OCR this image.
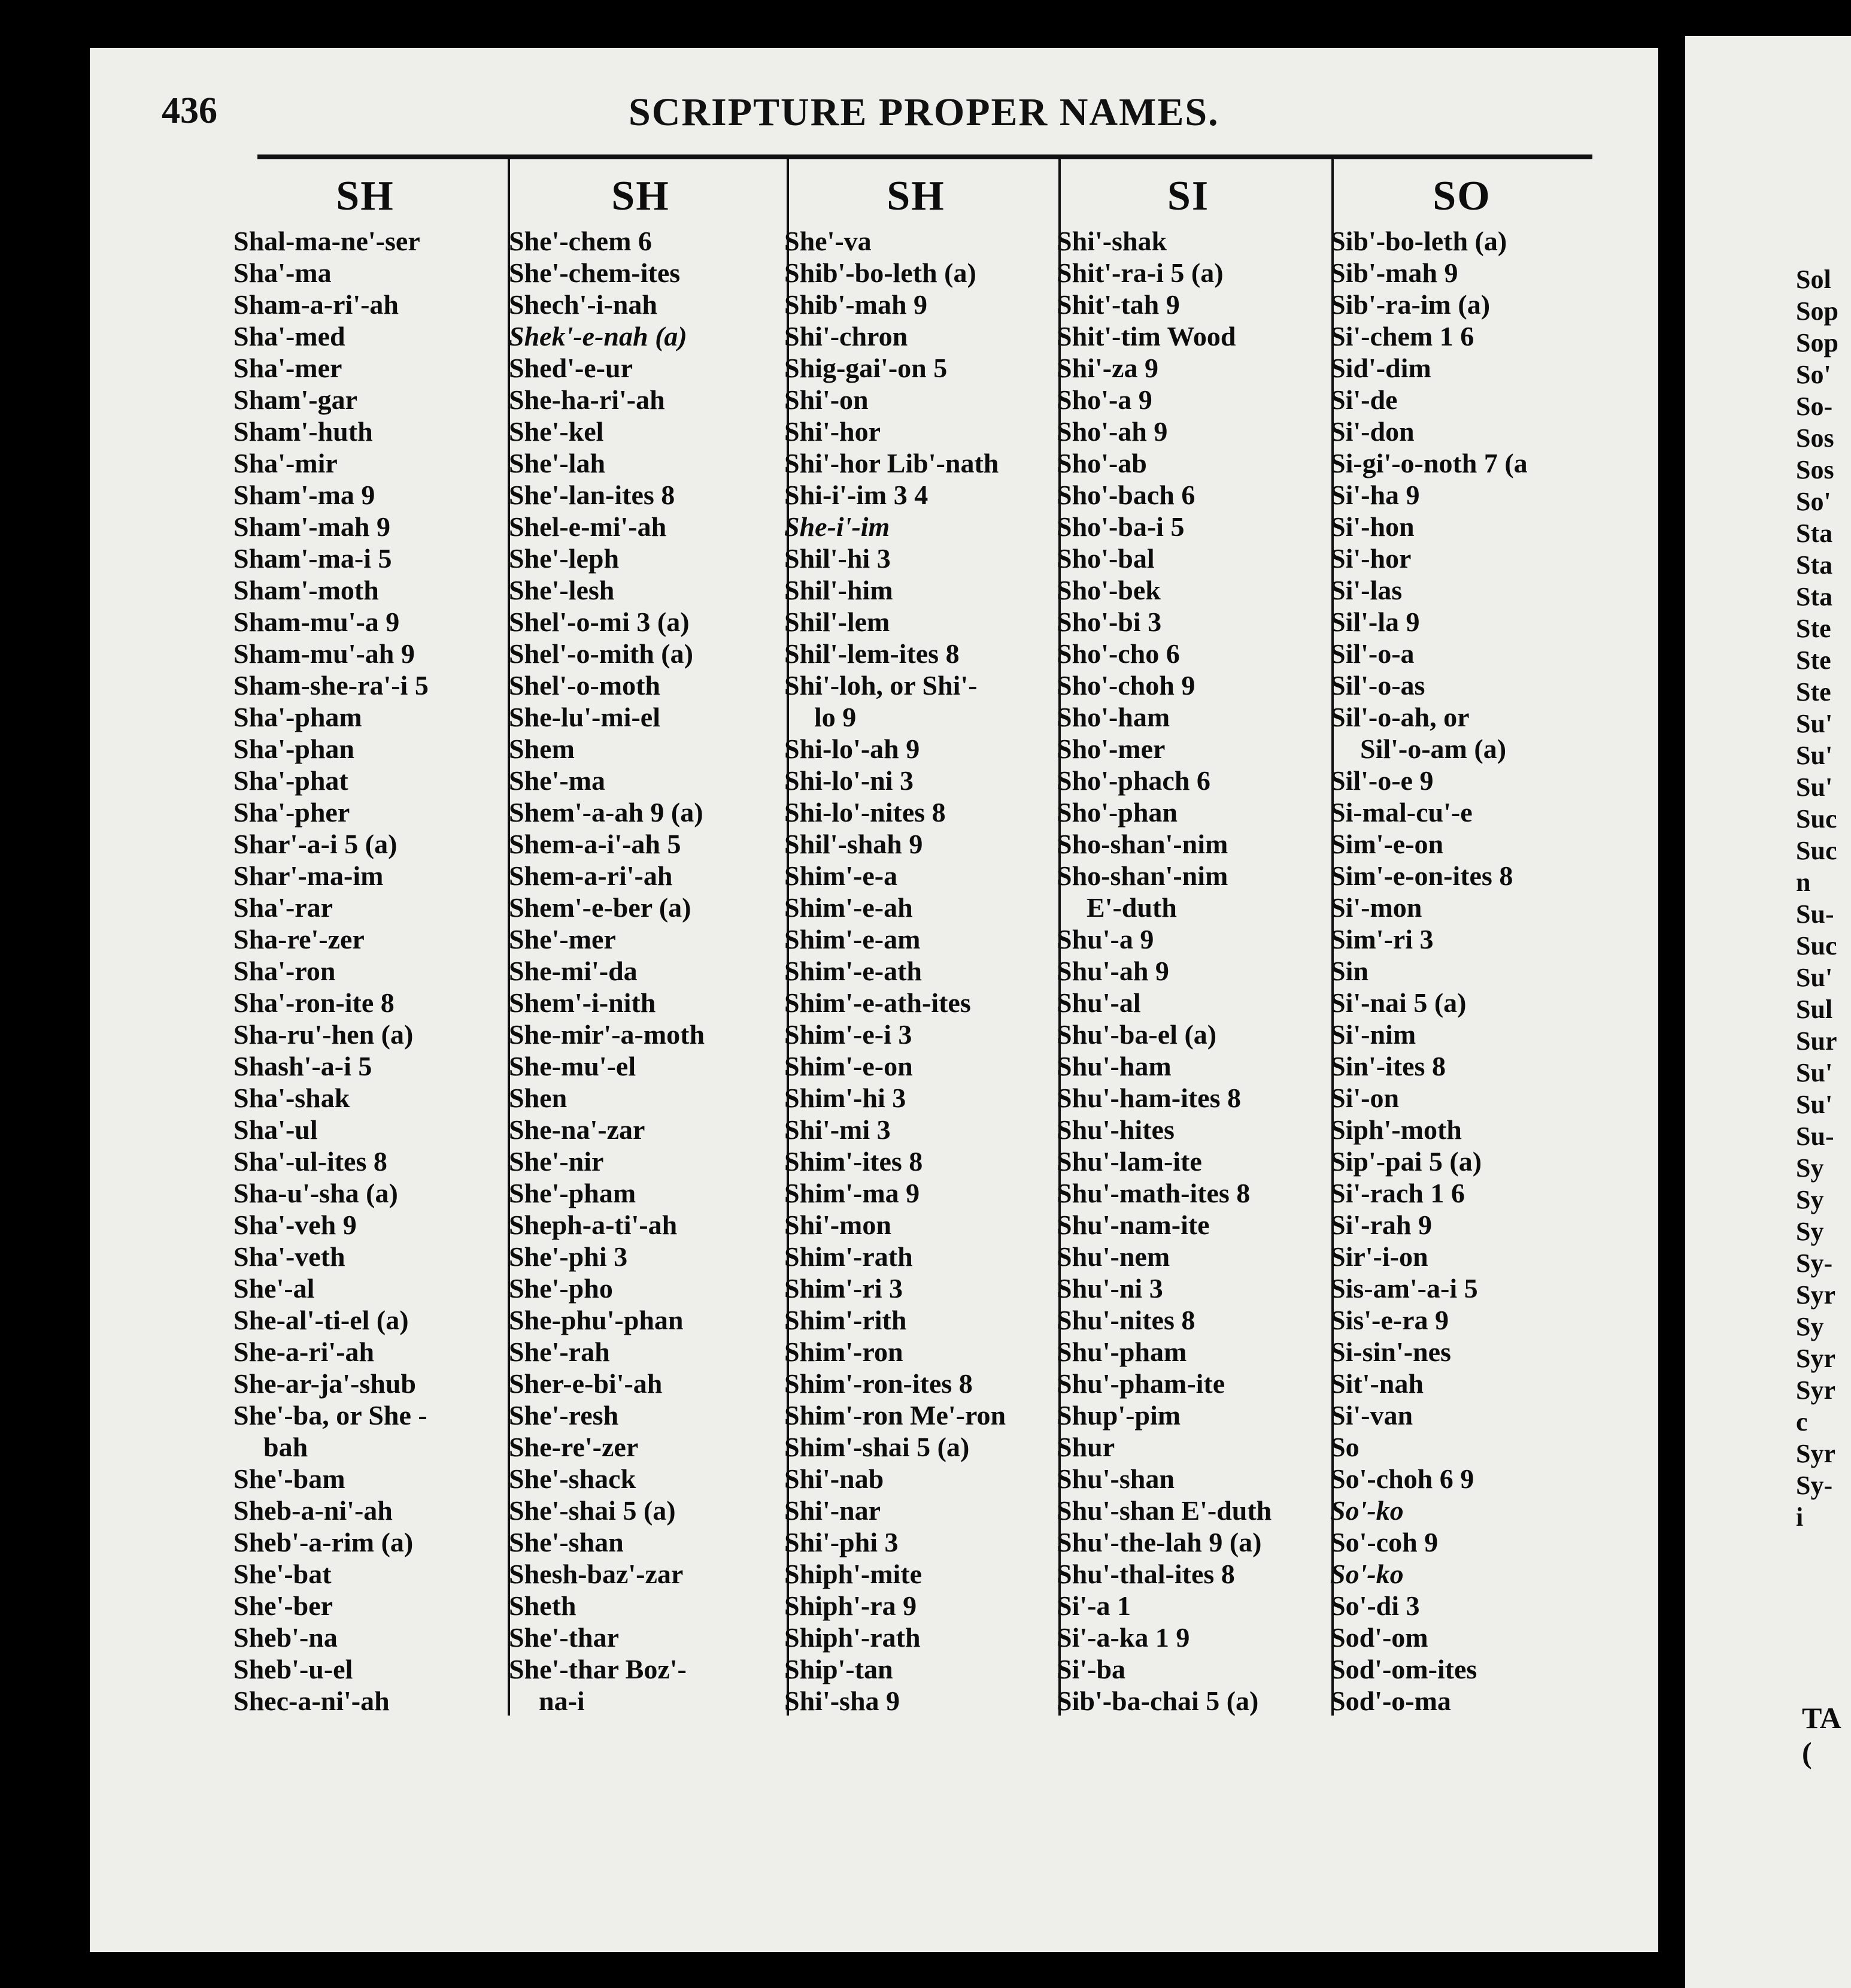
436	SCRIPTURE PROPER NAMES.
SH
Shal-ma-ne'-ser
Sha'-ma
Sham-a-ri'-ah
Sha'-med
Sha'-mer
Sham'-gar
Sham'-huth
Sha'-mir
Sham'-ma 9
Sham'-mah 9
Sham'-ma-i 5
Sham'-moth
Sham-mu'-a 9
Sham-mu'-ah 9
Sham-she-ra'-i 5
Sha'-pham
Sha'-phan
Sha'-phat
Sha'-pher
Shar'-a-i 5 (a)
Shar'-ma-im
Sha'-rar
Sha-re'-zer
Sha'-ron
Sha'-ron-ite 8
Sha-ru'-hen (a)
Shash'-a-i 5
Sha'-shak
Sha'-ul
Sha'-ul-ites 8
Sha-u'-sha (a)
Sha'-veh 9
Sha'-veth
She'-al
She-al'-ti-el (a)
She-a-ri'-ah
She-ar-ja'-shub
She'-ba, or She -
bah
She'-bam
Sheb-a-ni'-ah
Sheb'-a-rim (a)
She'-bat
She'-ber
Sheb'-na
Sheb'-u-el
Shec-a-ni'-ah
SH
She'-chem 6
She'-chem-ites
Shech'-i-nah
Shek'-e-nah (a)
Shed'-e-ur
She-ha-ri'-ah
She'-kel
She'-lah
She'-lan-ites 8
Shel-e-mi'-ah
She'-leph
She'-lesh
Shel'-o-mi 3 (a)
Shel'-o-mith (a)
Shel'-o-moth
She-lu'-mi-el
Shem
She'-ma
Shem'-a-ah 9 (a)
Shem-a-i'-ah 5
Shem-a-ri'-ah
Shem'-e-ber (a)
She'-mer
She-mi'-da
Shem'-i-nith
She-mir'-a-moth
She-mu'-el
Shen
She-na'-zar
She'-nir
She'-pham
Sheph-a-ti'-ah
She'-phi 3
She'-pho
She-phu'-phan
She'-rah
Sher-e-bi'-ah
She'-resh
She-re'-zer
She'-shack
She'-shai 5 (a)
She'-shan
Shesh-baz'-zar
Sheth
She'-thar
She'-thar Boz'-
na-i
SH
She'-va
Shib'-bo-leth (a)
Shib'-mah 9
Shi'-chron
Shig-gai'-on 5
Shi'-on
Shi'-hor
Shi'-hor Lib'-nath
Shi-i'-im 3 4
She-i'-im
Shil'-hi 3
Shil'-him
Shil'-lem
Shil'-lem-ites 8
Shi'-loh, or Shi'-
lo 9
Shi-lo'-ah 9
Shi-lo'-ni 3
Shi-lo'-nites 8
Shil'-shah 9
Shim'-e-a
Shim'-e-ah
Shim'-e-am
Shim'-e-ath
Shim'-e-ath-ites
Shim'-e-i 3
Shim'-e-on
Shim'-hi 3
Shi'-mi 3
Shim'-ites 8
Shim'-ma 9
Shi'-mon
Shim'-rath
Shim'-ri 3
Shim'-rith
Shim'-ron
Shim'-ron-ites 8
Shim'-ron Me'-ron
Shim'-shai 5 (a)
Shi'-nab
Shi'-nar
Shi'-phi 3
Shiph'-mite
Shiph'-ra 9
Shiph'-rath
Ship'-tan
Shi'-sha 9
SI
Shi'-shak
Shit'-ra-i 5 (a)
Shit'-tah 9
Shit'-tim Wood
Shi'-za 9
Sho'-a 9
Sho'-ah 9
Sho'-ab
Sho'-bach 6
Sho'-ba-i 5
Sho'-bal
Sho'-bek
Sho'-bi 3
Sho'-cho 6
Sho'-choh 9
Sho'-ham
Sho'-mer
Sho'-phach 6
Sho'-phan
Sho-shan'-nim
Sho-shan'-nim
E'-duth
Shu'-a 9
Shu'-ah 9
Shu'-al
Shu'-ba-el (a)
Shu'-ham
Shu'-ham-ites 8
Shu'-hites
Shu'-lam-ite
Shu'-math-ites 8
Shu'-nam-ite
Shu'-nem
Shu'-ni 3
Shu'-nites 8
Shu'-pham
Shu'-pham-ite
Shup'-pim
Shur
Shu'-shan
Shu'-shan E'-duth
Shu'-the-lah 9 (a)
Shu'-thal-ites 8
Si'-a 1
Si'-a-ka 1 9
Si'-ba
Sib'-ba-chai 5 (a)
SO
Sib'-bo-leth (a)
Sib'-mah 9
Sib'-ra-im (a)
Si'-chem 1 6
Sid'-dim
Si'-de
Si'-don
Si-gi'-o-noth 7 (a
Si'-ha 9
Si'-hon
Si'-hor
Si'-las
Sil'-la 9
Sil'-o-a
Sil'-o-as
Sil'-o-ah, or
Sil'-o-am (a)
Sil'-o-e 9
Si-mal-cu'-e
Sim'-e-on
Sim'-e-on-ites 8
Si'-mon
Sim'-ri 3
Sin
Si'-nai 5 (a)
Si'-nim
Sin'-ites 8
Si'-on
Siph'-moth
Sip'-pai 5 (a)
Si'-rach 1 6
Si'-rah 9
Sir'-i-on
Sis-am'-a-i 5
Sis'-e-ra 9
Si-sin'-nes
Sit'-nah
Si'-van
So
So'-choh 6 9
So'-ko
So'-coh 9
So'-ko
So'-di 3
Sod'-om
Sod'-om-ites
Sod'-o-ma
Sol
Sop
Sop
So'
So-
Sos
Sos
So'
Sta
Sta
Sta
Ste
Ste
Ste
Su'
Su'
Su'
Suc
Suc
n
Su-
Suc
Su'
Sul
Sur
Su'
Su'
Su-
Sy
Sy
Sy
Sy-
Syr
Sy
Syr
Syr
c
Syr
Sy-
i
TA
(
